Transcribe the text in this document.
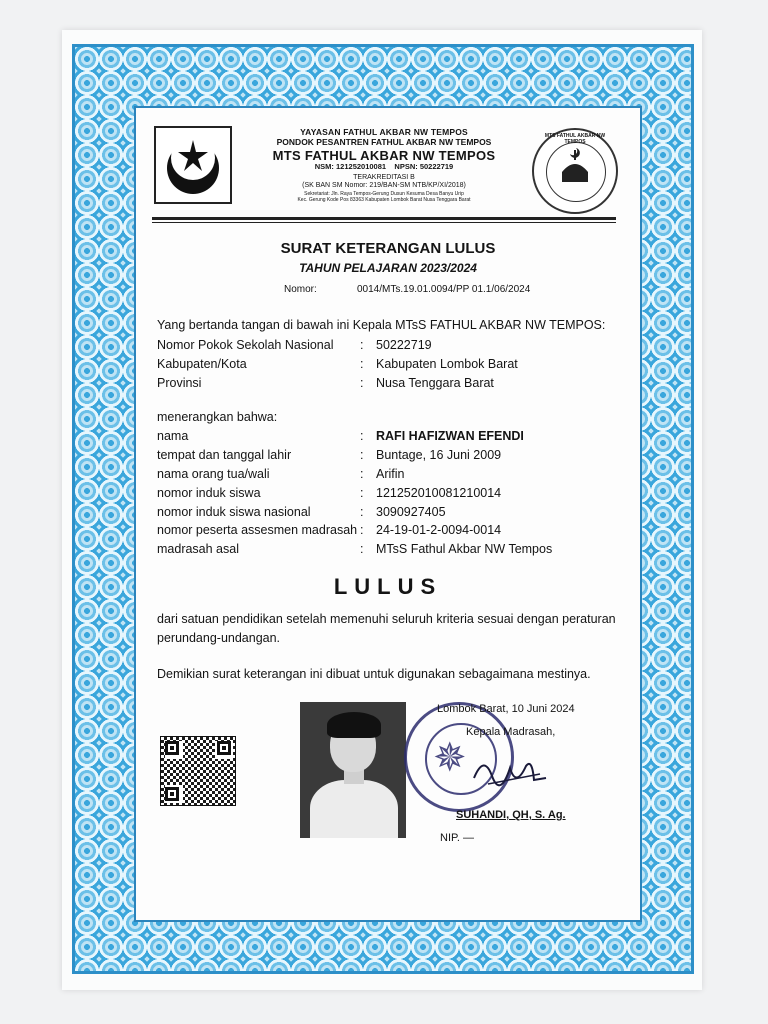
YAYASAN FATHUL AKBAR NW TEMPOS
PONDOK PESANTREN FATHUL AKBAR NW TEMPOS
MTS FATHUL AKBAR NW TEMPOS
NSM: 121252010081 NPSN: 50222719
TERAKREDITASI B
(SK BAN SM Nomor: 219/BAN-SM NTB/KP/XI/2018)
Sekretariat: Jln. Raya Tempos-Gerung Dusun Kesuma Desa Banyu Urip
Kec. Gerung Kode Pos 83363 Kabupaten Lombok Barat Nusa Tenggara Barat
MTS FATHUL AKBAR NW TEMPOS
SURAT KETERANGAN LULUS
TAHUN PELAJARAN 2023/2024
Nomor:	0014/MTs.19.01.0094/PP 01.1/06/2024
Yang bertanda tangan di bawah ini Kepala MTsS FATHUL AKBAR NW TEMPOS:
Nomor Pokok Sekolah Nasional	: 50222719
Kabupaten/Kota	: Kabupaten Lombok Barat
Provinsi	: Nusa Tenggara Barat
menerangkan bahwa:
nama	: RAFI HAFIZWAN EFENDI
tempat dan tanggal lahir	: Buntage, 16 Juni 2009
nama orang tua/wali	: Arifin
nomor induk siswa	: 121252010081210014
nomor induk siswa nasional	: 3090927405
nomor peserta assesmen madrasah : 24-19-01-2-0094-0014
madrasah asal	: MTsS Fathul Akbar NW Tempos
LULUS
dari satuan pendidikan setelah memenuhi seluruh kriteria sesuai dengan peraturan perundang-undangan.
Demikian surat keterangan ini dibuat untuk digunakan sebagaimana mestinya.
✵
Lombok Barat, 10 Juni 2024
Kepala Madrasah,
SUHANDI, QH, S. Ag.
NIP. —
